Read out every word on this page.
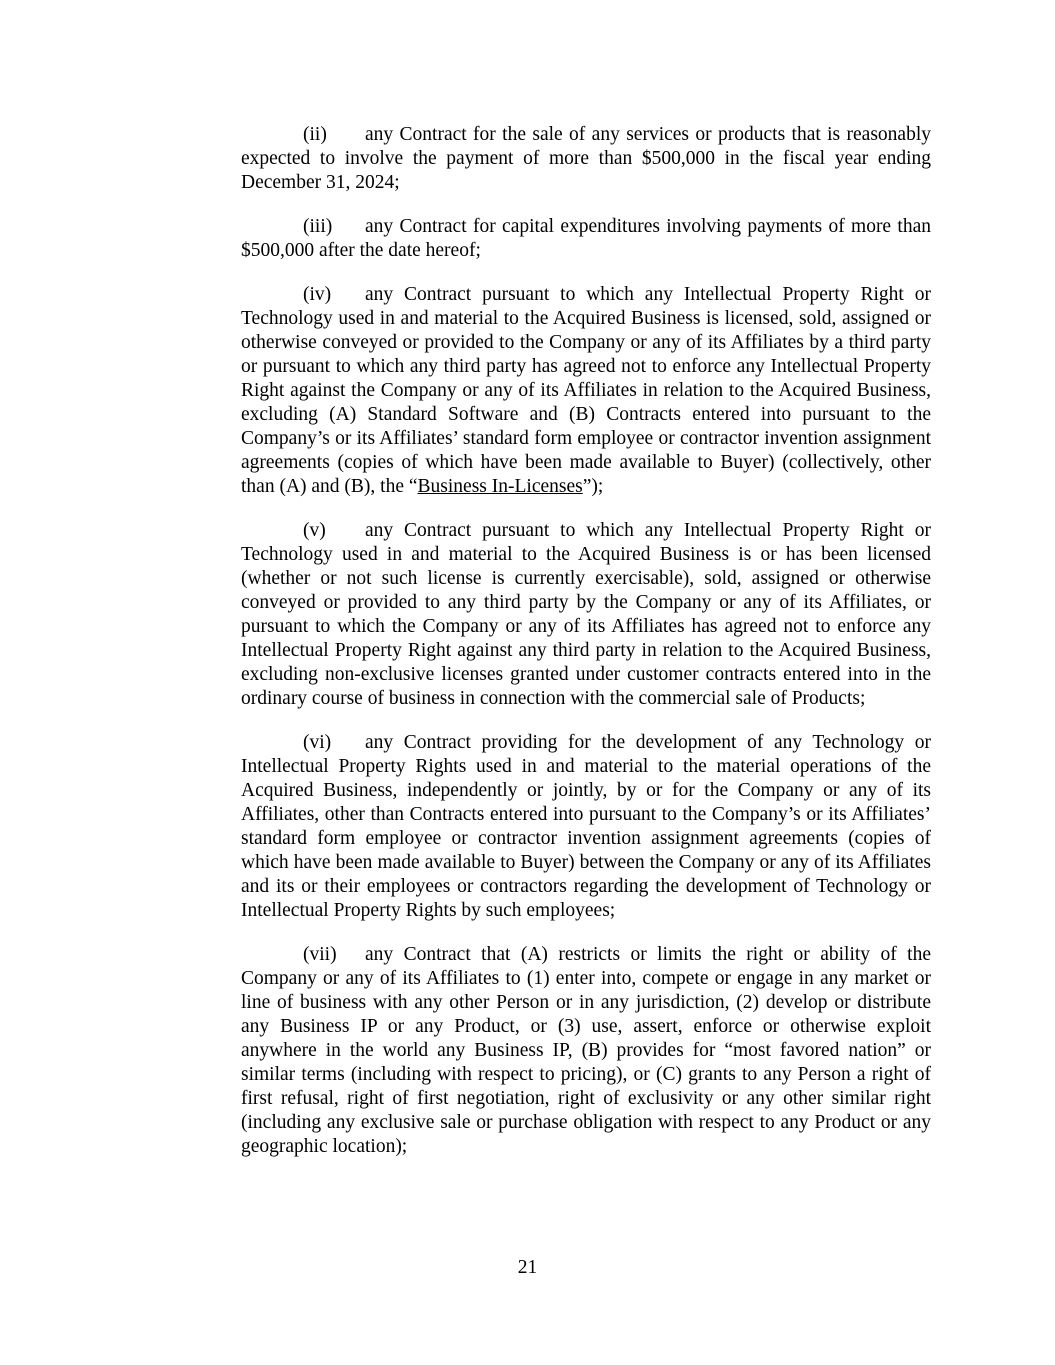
(ii) any Contract for the sale of any services or products that is reasonably expected to involve the payment of more than $500,000 in the fiscal year ending December 31, 2024;

(iii) any Contract for capital expenditures involving payments of more than $500,000 after the date hereof;

(iv) any Contract pursuant to which any Intellectual Property Right or Technology used in and material to the Acquired Business is licensed, sold, assigned or otherwise conveyed or provided to the Company or any of its Affiliates by a third party or pursuant to which any third party has agreed not to enforce any Intellectual Property Right against the Company or any of its Affiliates in relation to the Acquired Business, excluding (A) Standard Software and (B) Contracts entered into pursuant to the Company’s or its Affiliates’ standard form employee or contractor invention assignment agreements (copies of which have been made available to Buyer) (collectively, other than (A) and (B), the “Business In-Licenses”);

(v) any Contract pursuant to which any Intellectual Property Right or Technology used in and material to the Acquired Business is or has been licensed (whether or not such license is currently exercisable), sold, assigned or otherwise conveyed or provided to any third party by the Company or any of its Affiliates, or pursuant to which the Company or any of its Affiliates has agreed not to enforce any Intellectual Property Right against any third party in relation to the Acquired Business, excluding non-exclusive licenses granted under customer contracts entered into in the ordinary course of business in connection with the commercial sale of Products;

(vi) any Contract providing for the development of any Technology or Intellectual Property Rights used in and material to the material operations of the Acquired Business, independently or jointly, by or for the Company or any of its Affiliates, other than Contracts entered into pursuant to the Company’s or its Affiliates’ standard form employee or contractor invention assignment agreements (copies of which have been made available to Buyer) between the Company or any of its Affiliates and its or their employees or contractors regarding the development of Technology or Intellectual Property Rights by such employees;

(vii) any Contract that (A) restricts or limits the right or ability of the Company or any of its Affiliates to (1) enter into, compete or engage in any market or line of business with any other Person or in any jurisdiction, (2) develop or distribute any Business IP or any Product, or (3) use, assert, enforce or otherwise exploit anywhere in the world any Business IP, (B) provides for “most favored nation” or similar terms (including with respect to pricing), or (C) grants to any Person a right of first refusal, right of first negotiation, right of exclusivity or any other similar right (including any exclusive sale or purchase obligation with respect to any Product or any geographic location);

21
